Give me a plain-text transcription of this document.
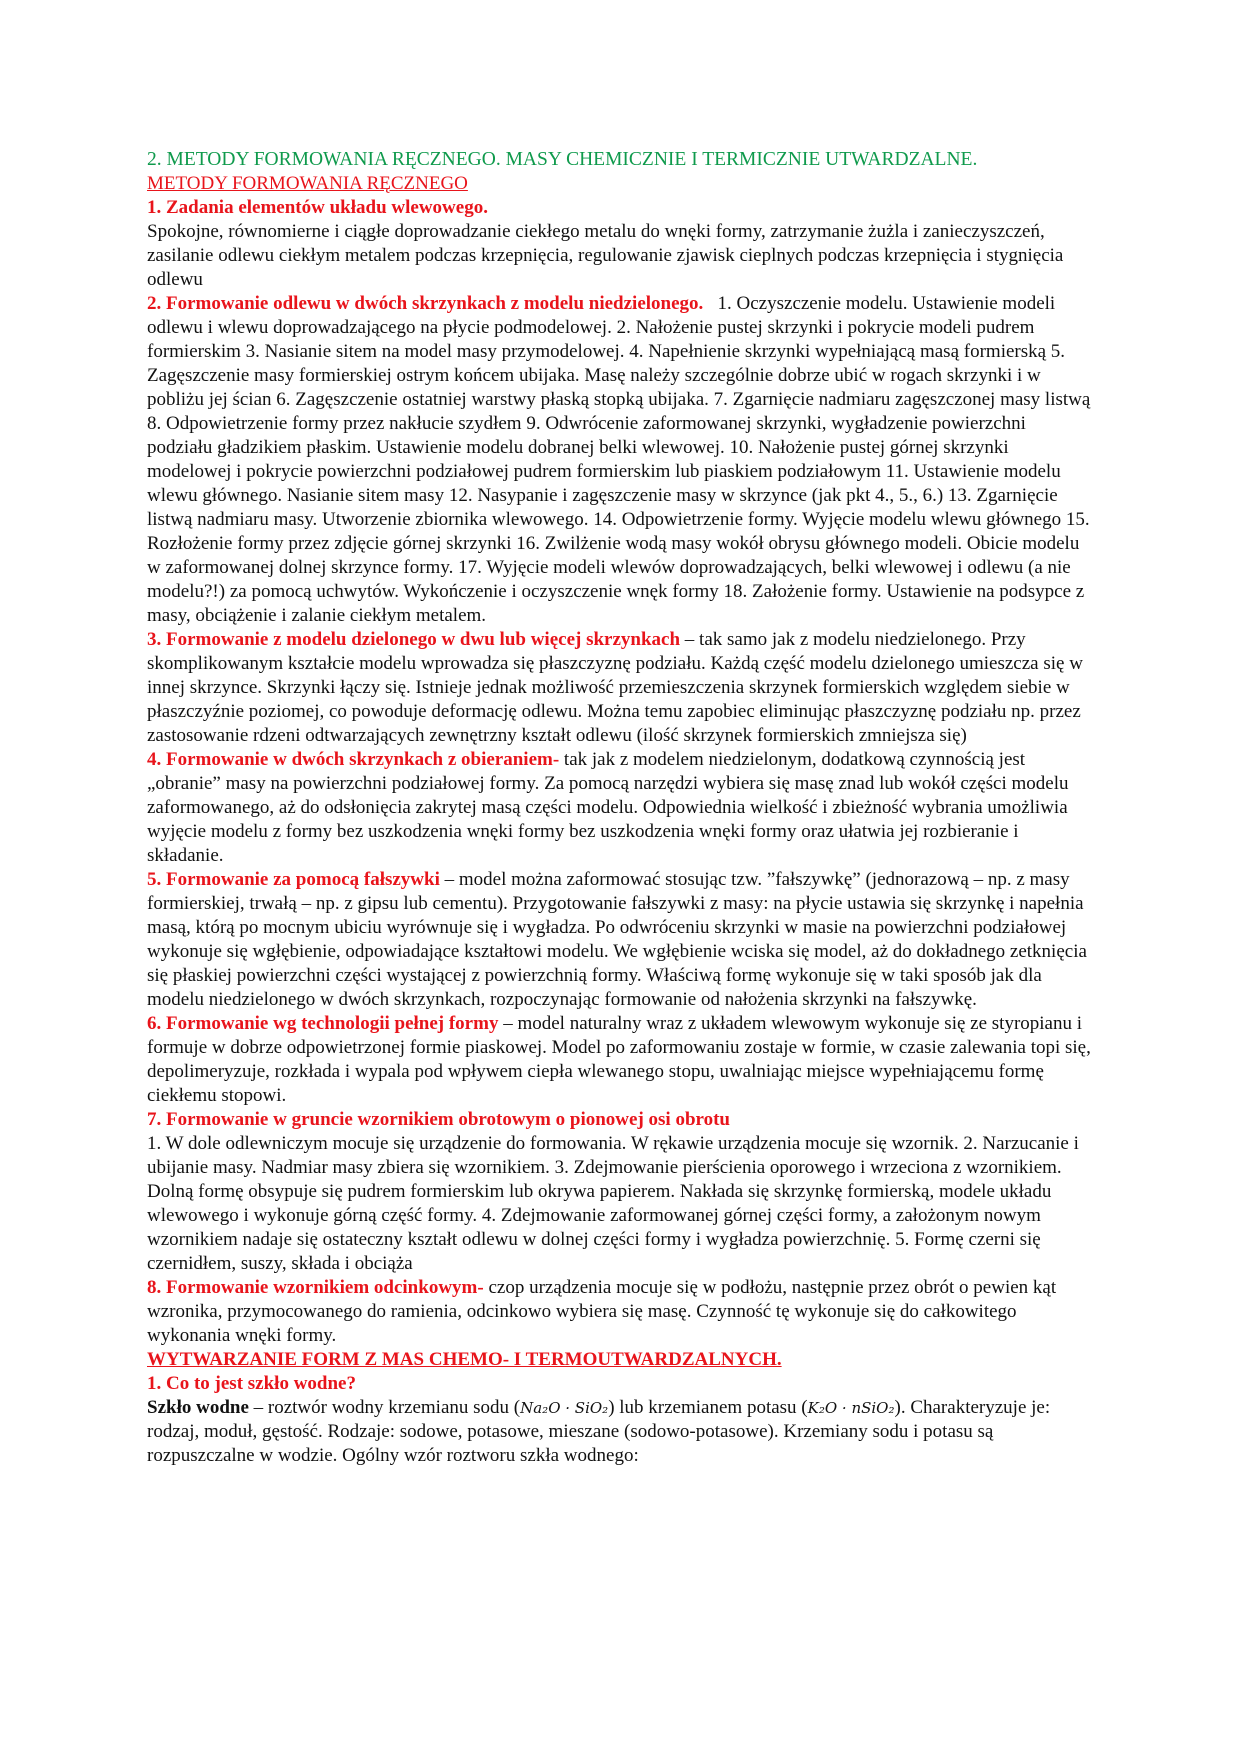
2. METODY FORMOWANIA RĘCZNEGO. MASY CHEMICZNIE I TERMICZNIE UTWARDZALNE.

METODY FORMOWANIA RĘCZNEGO

1. Zadania elementów układu wlewowego.
Spokojne, równomierne i ciągłe doprowadzanie ciekłego metalu do wnęki formy, zatrzymanie żużla i zanieczyszczeń, zasilanie odlewu ciekłym metalem podczas krzepnięcia, regulowanie zjawisk cieplnych podczas krzepnięcia i stygnięcia odlewu

2. Formowanie odlewu w dwóch skrzynkach z modelu niedzielonego. 1. Oczyszczenie modelu. Ustawienie modeli odlewu i wlewu doprowadzającego na płycie podmodelowej. 2. Nałożenie pustej skrzynki i pokrycie modeli pudrem formierskim 3. Nasianie sitem na model masy przymodelowej. 4. Napełnienie skrzynki wypełniającą masą formierską 5. Zagęszczenie masy formierskiej ostrym końcem ubijaka. Masę należy szczególnie dobrze ubić w rogach skrzynki i w pobliżu jej ścian 6. Zagęszczenie ostatniej warstwy płaską stopką ubijaka. 7. Zgarnięcie nadmiaru zagęszczonej masy listwą 8. Odpowietrzenie formy przez nakłucie szydłem 9. Odwrócenie zaformowanej skrzynki, wygładzenie powierzchni podziału gładzikiem płaskim. Ustawienie modelu dobranej belki wlewowej. 10. Nałożenie pustej górnej skrzynki modelowej i pokrycie powierzchni podziałowej pudrem formierskim lub piaskiem podziałowym 11. Ustawienie modelu wlewu głównego. Nasianie sitem masy 12. Nasypanie i zagęszczenie masy w skrzynce (jak pkt 4., 5., 6.) 13. Zgarnięcie listwą nadmiaru masy. Utworzenie zbiornika wlewowego. 14. Odpowietrzenie formy. Wyjęcie modelu wlewu głównego 15. Rozłożenie formy przez zdjęcie górnej skrzynki 16. Zwilżenie wodą masy wokół obrysu głównego modeli. Obicie modelu w zaformowanej dolnej skrzynce formy. 17. Wyjęcie modeli wlewów doprowadzających, belki wlewowej i odlewu (a nie modelu?!) za pomocą uchwytów. Wykończenie i oczyszczenie wnęk formy 18. Założenie formy. Ustawienie na podsypce z masy, obciążenie i zalanie ciekłym metalem.

3. Formowanie z modelu dzielonego w dwu lub więcej skrzynkach – tak samo jak z modelu niedzielonego. Przy skomplikowanym kształcie modelu wprowadza się płaszczyznę podziału. Każdą część modelu dzielonego umieszcza się w innej skrzynce. Skrzynki łączy się. Istnieje jednak możliwość przemieszczenia skrzynek formierskich względem siebie w płaszczyźnie poziomej, co powoduje deformację odlewu. Można temu zapobiec eliminując płaszczyznę podziału np. przez zastosowanie rdzeni odtwarzających zewnętrzny kształt odlewu (ilość skrzynek formierskich zmniejsza się)

4. Formowanie w dwóch skrzynkach z obieraniem- tak jak z modelem niedzielonym, dodatkową czynnością jest „obranie” masy na powierzchni podziałowej formy. Za pomocą narzędzi wybiera się masę znad lub wokół części modelu zaformowanego, aż do odsłonięcia zakrytej masą części modelu. Odpowiednia wielkość i zbieżność wybrania umożliwia wyjęcie modelu z formy bez uszkodzenia wnęki formy bez uszkodzenia wnęki formy oraz ułatwia jej rozbieranie i składanie.

5. Formowanie za pomocą fałszywki – model można zaformować stosując tzw. ”fałszywkę” (jednorazową – np. z masy formierskiej, trwałą – np. z gipsu lub cementu). Przygotowanie fałszywki z masy: na płycie ustawia się skrzynkę i napełnia masą, którą po mocnym ubiciu wyrównuje się i wygładza. Po odwróceniu skrzynki w masie na powierzchni podziałowej wykonuje się wgłębienie, odpowiadające kształtowi modelu. We wgłębienie wciska się model, aż do dokładnego zetknięcia się płaskiej powierzchni części wystającej z powierzchnią formy. Właściwą formę wykonuje się w taki sposób jak dla modelu niedzielonego w dwóch skrzynkach, rozpoczynając formowanie od nałożenia skrzynki na fałszywkę.

6. Formowanie wg technologii pełnej formy – model naturalny wraz z układem wlewowym wykonuje się ze styropianu i formuje w dobrze odpowietrzonej formie piaskowej. Model po zaformowaniu zostaje w formie, w czasie zalewania topi się, depolimeryzuje, rozkłada i wypala pod wpływem ciepła wlewanego stopu, uwalniając miejsce wypełniającemu formę ciekłemu stopowi.

7. Formowanie w gruncie wzornikiem obrotowym o pionowej osi obrotu
1. W dole odlewniczym mocuje się urządzenie do formowania. W rękawie urządzenia mocuje się wzornik. 2. Narzucanie i ubijanie masy. Nadmiar masy zbiera się wzornikiem. 3. Zdejmowanie pierścienia oporowego i wrzeciona z wzornikiem. Dolną formę obsypuje się pudrem formierskim lub okrywa papierem. Nakłada się skrzynkę formierską, modele układu wlewowego i wykonuje górną część formy. 4. Zdejmowanie zaformowanej górnej części formy, a założonym nowym wzornikiem nadaje się ostateczny kształt odlewu w dolnej części formy i wygładza powierzchnię. 5. Formę czerni się czernidłem, suszy, składa i obciąża

8. Formowanie wzornikiem odcinkowym- czop urządzenia mocuje się w podłożu, następnie przez obrót o pewien kąt wzronika, przymocowanego do ramienia, odcinkowo wybiera się masę. Czynność tę wykonuje się do całkowitego wykonania wnęki formy.

WYTWARZANIE FORM Z MAS CHEMO- I TERMOUTWARDZALNYCH.

1. Co to jest szkło wodne?

Szkło wodne – roztwór wodny krzemianu sodu (Na₂O · SiO₂) lub krzemianem potasu (K₂O · nSiO₂). Charakteryzuje je: rodzaj, moduł, gęstość. Rodzaje: sodowe, potasowe, mieszane (sodowo-potasowe). Krzemiany sodu i potasu są rozpuszczalne w wodzie. Ogólny wzór roztworu szkła wodnego:
